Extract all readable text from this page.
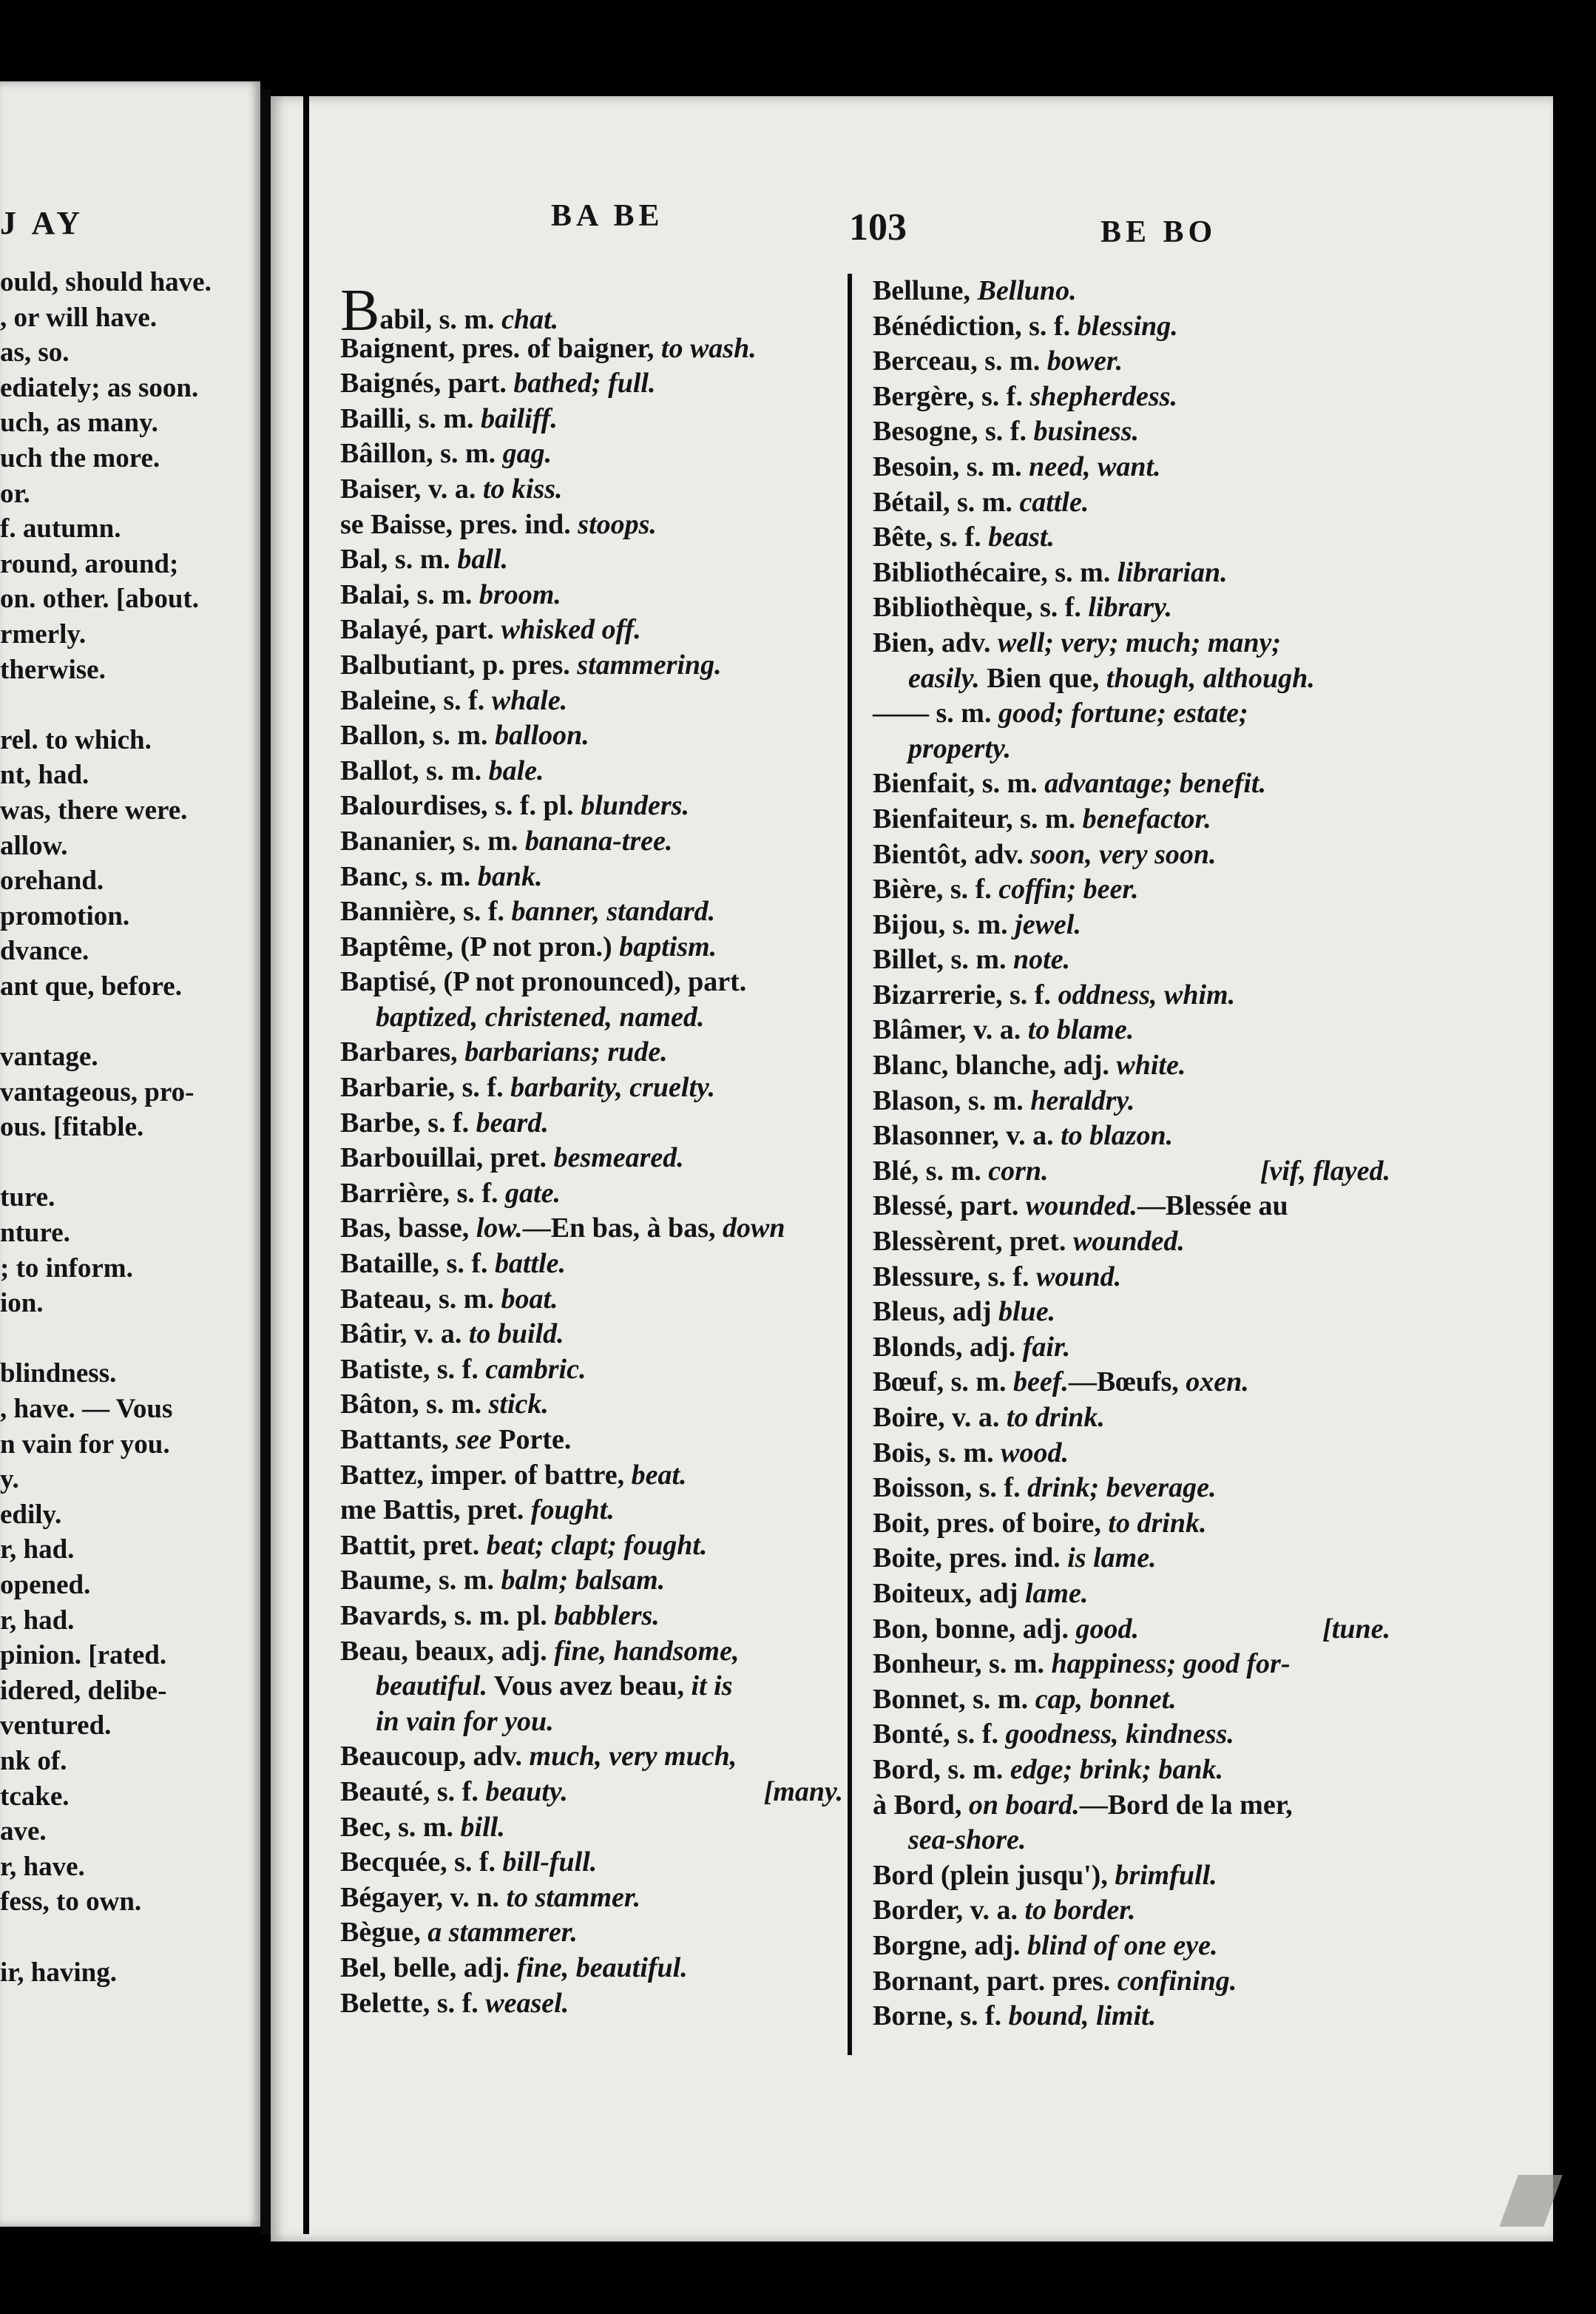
J AY
ould, should have.
, or will have.
as, so.
ediately; as soon.
uch, as many.
uch the more.
or.
f. autumn.
round, around;
on. other. [about.
rmerly.
therwise.
rel. to which.
nt, had.
was, there were.
allow.
orehand.
promotion.
dvance.
ant que, before.
vantage.
vantageous, pro-
ous. [fitable.
ture.
nture.
; to inform.
ion.
blindness.
, have. — Vous
n vain for you.
y.
edily.
r, had.
opened.
r, had.
pinion. [rated.
idered, delibe-
ventured.
nk of.
tcake.
ave.
r, have.
fess, to own.
ir, having.
BA BE	103	BE BO
Babil, s. m. chat.
Baignent, pres. of baigner, to wash.
Baignés, part. bathed; full.
Bailli, s. m. bailiff.
Bâillon, s. m. gag.
Baiser, v. a. to kiss.
se Baisse, pres. ind. stoops.
Bal, s. m. ball.
Balai, s. m. broom.
Balayé, part. whisked off.
Balbutiant, p. pres. stammering.
Baleine, s. f. whale.
Ballon, s. m. balloon.
Ballot, s. m. bale.
Balourdises, s. f. pl. blunders.
Bananier, s. m. banana-tree.
Banc, s. m. bank.
Bannière, s. f. banner, standard.
Baptême, (P not pron.) baptism.
Baptisé, (P not pronounced), part.
baptized, christened, named.
Barbares, barbarians; rude.
Barbarie, s. f. barbarity, cruelty.
Barbe, s. f. beard.
Barbouillai, pret. besmeared.
Barrière, s. f. gate.
Bas, basse, low.—En bas, à bas, down
Bataille, s. f. battle.
Bateau, s. m. boat.
Bâtir, v. a. to build.
Batiste, s. f. cambric.
Bâton, s. m. stick.
Battants, see Porte.
Battez, imper. of battre, beat.
me Battis, pret. fought.
Battit, pret. beat; clapt; fought.
Baume, s. m. balm; balsam.
Bavards, s. m. pl. babblers.
Beau, beaux, adj. fine, handsome,
beautiful. Vous avez beau, it is
in vain for you.
Beaucoup, adv. much, very much,
[many.
Beauté, s. f. beauty.
Bec, s. m. bill.
Becquée, s. f. bill-full.
Bégayer, v. n. to stammer.
Bègue, a stammerer.
Bel, belle, adj. fine, beautiful.
Belette, s. f. weasel.
Bellune, Belluno.
Bénédiction, s. f. blessing.
Berceau, s. m. bower.
Bergère, s. f. shepherdess.
Besogne, s. f. business.
Besoin, s. m. need, want.
Bétail, s. m. cattle.
Bête, s. f. beast.
Bibliothécaire, s. m. librarian.
Bibliothèque, s. f. library.
Bien, adv. well; very; much; many;
easily. Bien que, though, although.
—— s. m. good; fortune; estate;
property.
Bienfait, s. m. advantage; benefit.
Bienfaiteur, s. m. benefactor.
Bientôt, adv. soon, very soon.
Bière, s. f. coffin; beer.
Bijou, s. m. jewel.
Billet, s. m. note.
Bizarrerie, s. f. oddness, whim.
Blâmer, v. a. to blame.
Blanc, blanche, adj. white.
Blason, s. m. heraldry.
Blasonner, v. a. to blazon.
[vif, flayed.
Blé, s. m. corn.
Blessé, part. wounded.—Blessée au
Blessèrent, pret. wounded.
Blessure, s. f. wound.
Bleus, adj blue.
Blonds, adj. fair.
Bœuf, s. m. beef.—Bœufs, oxen.
Boire, v. a. to drink.
Bois, s. m. wood.
Boisson, s. f. drink; beverage.
Boit, pres. of boire, to drink.
Boite, pres. ind. is lame.
Boiteux, adj lame.
[tune.
Bon, bonne, adj. good.
Bonheur, s. m. happiness; good for-
Bonnet, s. m. cap, bonnet.
Bonté, s. f. goodness, kindness.
Bord, s. m. edge; brink; bank.
à Bord, on board.—Bord de la mer,
sea-shore.
Bord (plein jusqu'), brimfull.
Border, v. a. to border.
Borgne, adj. blind of one eye.
Bornant, part. pres. confining.
Borne, s. f. bound, limit.
